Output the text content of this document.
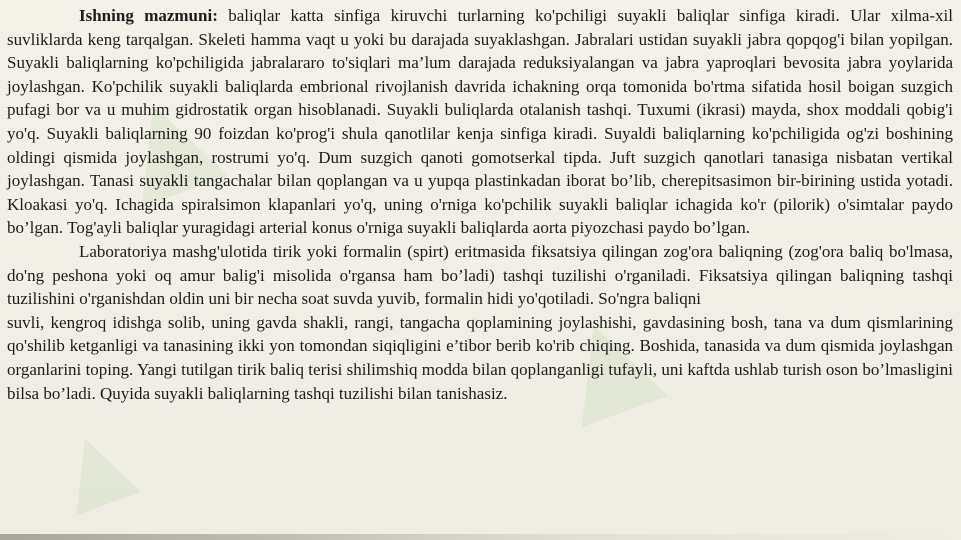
▲
▲
▲

Ishning mazmuni: baliqlar katta sinfiga kiruvchi turlarning ko'pchiligi suyakli baliqlar sinfiga kiradi. Ular xilma-xil suvliklarda keng tarqalgan. Skeleti hamma vaqt u yoki bu darajada suyaklashgan. Jabralari ustidan suyakli jabra qopqog'i bilan yopilgan. Suyakli baliqlarning ko'pchiligida jabralararo to'siqlari ma’lum darajada reduksiyalangan va jabra yaproqlari bevosita jabra yoylarida joylashgan. Ko'pchilik suyakli baliqlarda embrional rivojlanish davrida ichakning orqa tomonida bo'rtma sifatida hosil boigan suzgich pufagi bor va u muhim gidrostatik organ hisoblanadi. Suyakli buliqlarda otalanish tashqi. Tuxumi (ikrasi) mayda, shox moddali qobig'i yo'q. Suyakli baliqlarning 90 foizdan ko'prog'i shula qanotlilar kenja sinfiga kiradi. Suyaldi baliqlarning ko'pchiligida og'zi boshining oldingi qismida joylashgan, rostrumi yo'q. Dum suzgich qanoti gomotserkal tipda. Juft suzgich qanotlari tanasiga nisbatan vertikal joylashgan. Tanasi suyakli tangachalar bilan qoplangan va u yupqa plastinkadan iborat bo’lib, cherepitsasimon bir-birining ustida yotadi. Kloakasi yo'q. Ichagida spiralsimon klapanlari yo'q, uning o'rniga ko'pchilik suyakli baliqlar ichagida ko'r (pilorik) o'simtalar paydo bo’lgan. Tog'ayli baliqlar yuragidagi arterial konus o'rniga suyakli baliqlarda aorta piyozchasi paydo bo’lgan.

Laboratoriya mashg'ulotida tirik yoki formalin (spirt) eritmasida fiksatsiya qilingan zog'ora baliqning (zog'ora baliq bo'lmasa, do'ng peshona yoki oq amur balig'i misolida o'rgansa ham bo’ladi) tashqi tuzilishi o'rganiladi. Fiksatsiya qilingan baliqning tashqi tuzilishini o'rganishdan oldin uni bir necha soat suvda yuvib, formalin hidi yo'qotiladi. So'ngra baliqni

suvli, kengroq idishga solib, uning gavda shakli, rangi, tangacha qoplamining joylashishi, gavdasining bosh, tana va dum qismlarining qo'shilib ketganligi va tanasining ikki yon tomondan siqiqligini e’tibor berib ko'rib chiqing. Boshida, tanasida va dum qismida joylashgan organlarini toping. Yangi tutilgan tirik baliq terisi shilimshiq modda bilan qoplanganligi tufayli, uni kaftda ushlab turish oson bo’lmasligini bilsa bo’ladi. Quyida suyakli baliqlarning tashqi tuzilishi bilan tanishasiz.
